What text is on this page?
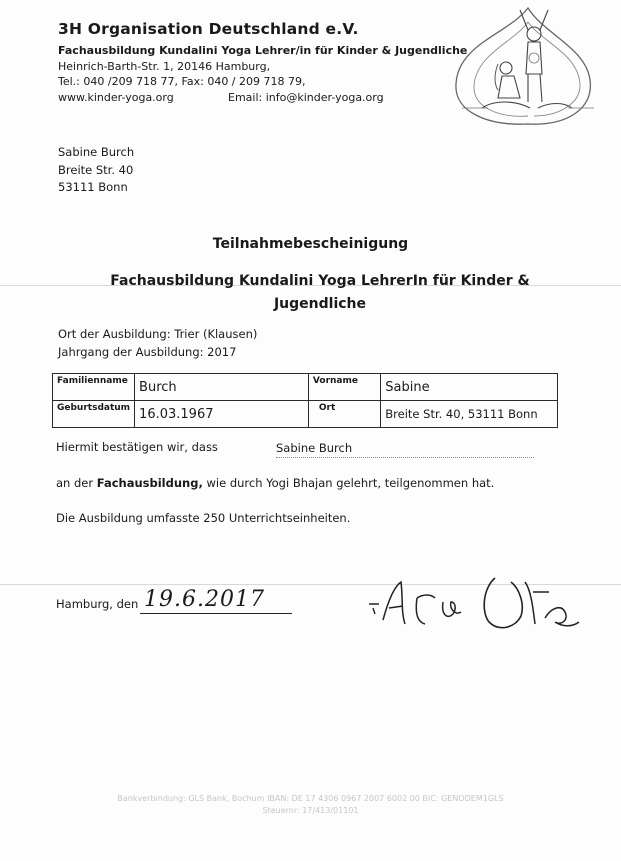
3H Organisation Deutschland e.V.
Fachausbildung Kundalini Yoga Lehrer/in für Kinder & Jugendliche
Heinrich-Barth-Str. 1, 20146 Hamburg,
Tel.: 040 /209 718 77, Fax: 040 / 209 718 79,
www.kinder-yoga.org	Email: info@kinder-yoga.org
Sabine Burch
Breite Str. 40
53111 Bonn
Teilnahmebescheinigung
Fachausbildung Kundalini Yoga LehrerIn für Kinder & Jugendliche
Ort der Ausbildung: Trier (Klausen)
Jahrgang der Ausbildung: 2017
Familienname	Burch	Vorname	Sabine
Geburtsdatum	16.03.1967	Ort	Breite Str. 40, 53111 Bonn
Hiermit bestätigen wir, dass	Sabine Burch
an der Fachausbildung, wie durch Yogi Bhajan gelehrt, teilgenommen hat.
Die Ausbildung umfasste 250 Unterrichtseinheiten.
Hamburg, den 19.6.2017
Bankverbindung: GLS Bank, Bochum IBAN: DE 17 4306 0967 2007 6002 00 BIC: GENODEM1GLS
Steuernr: 17/413/01101
